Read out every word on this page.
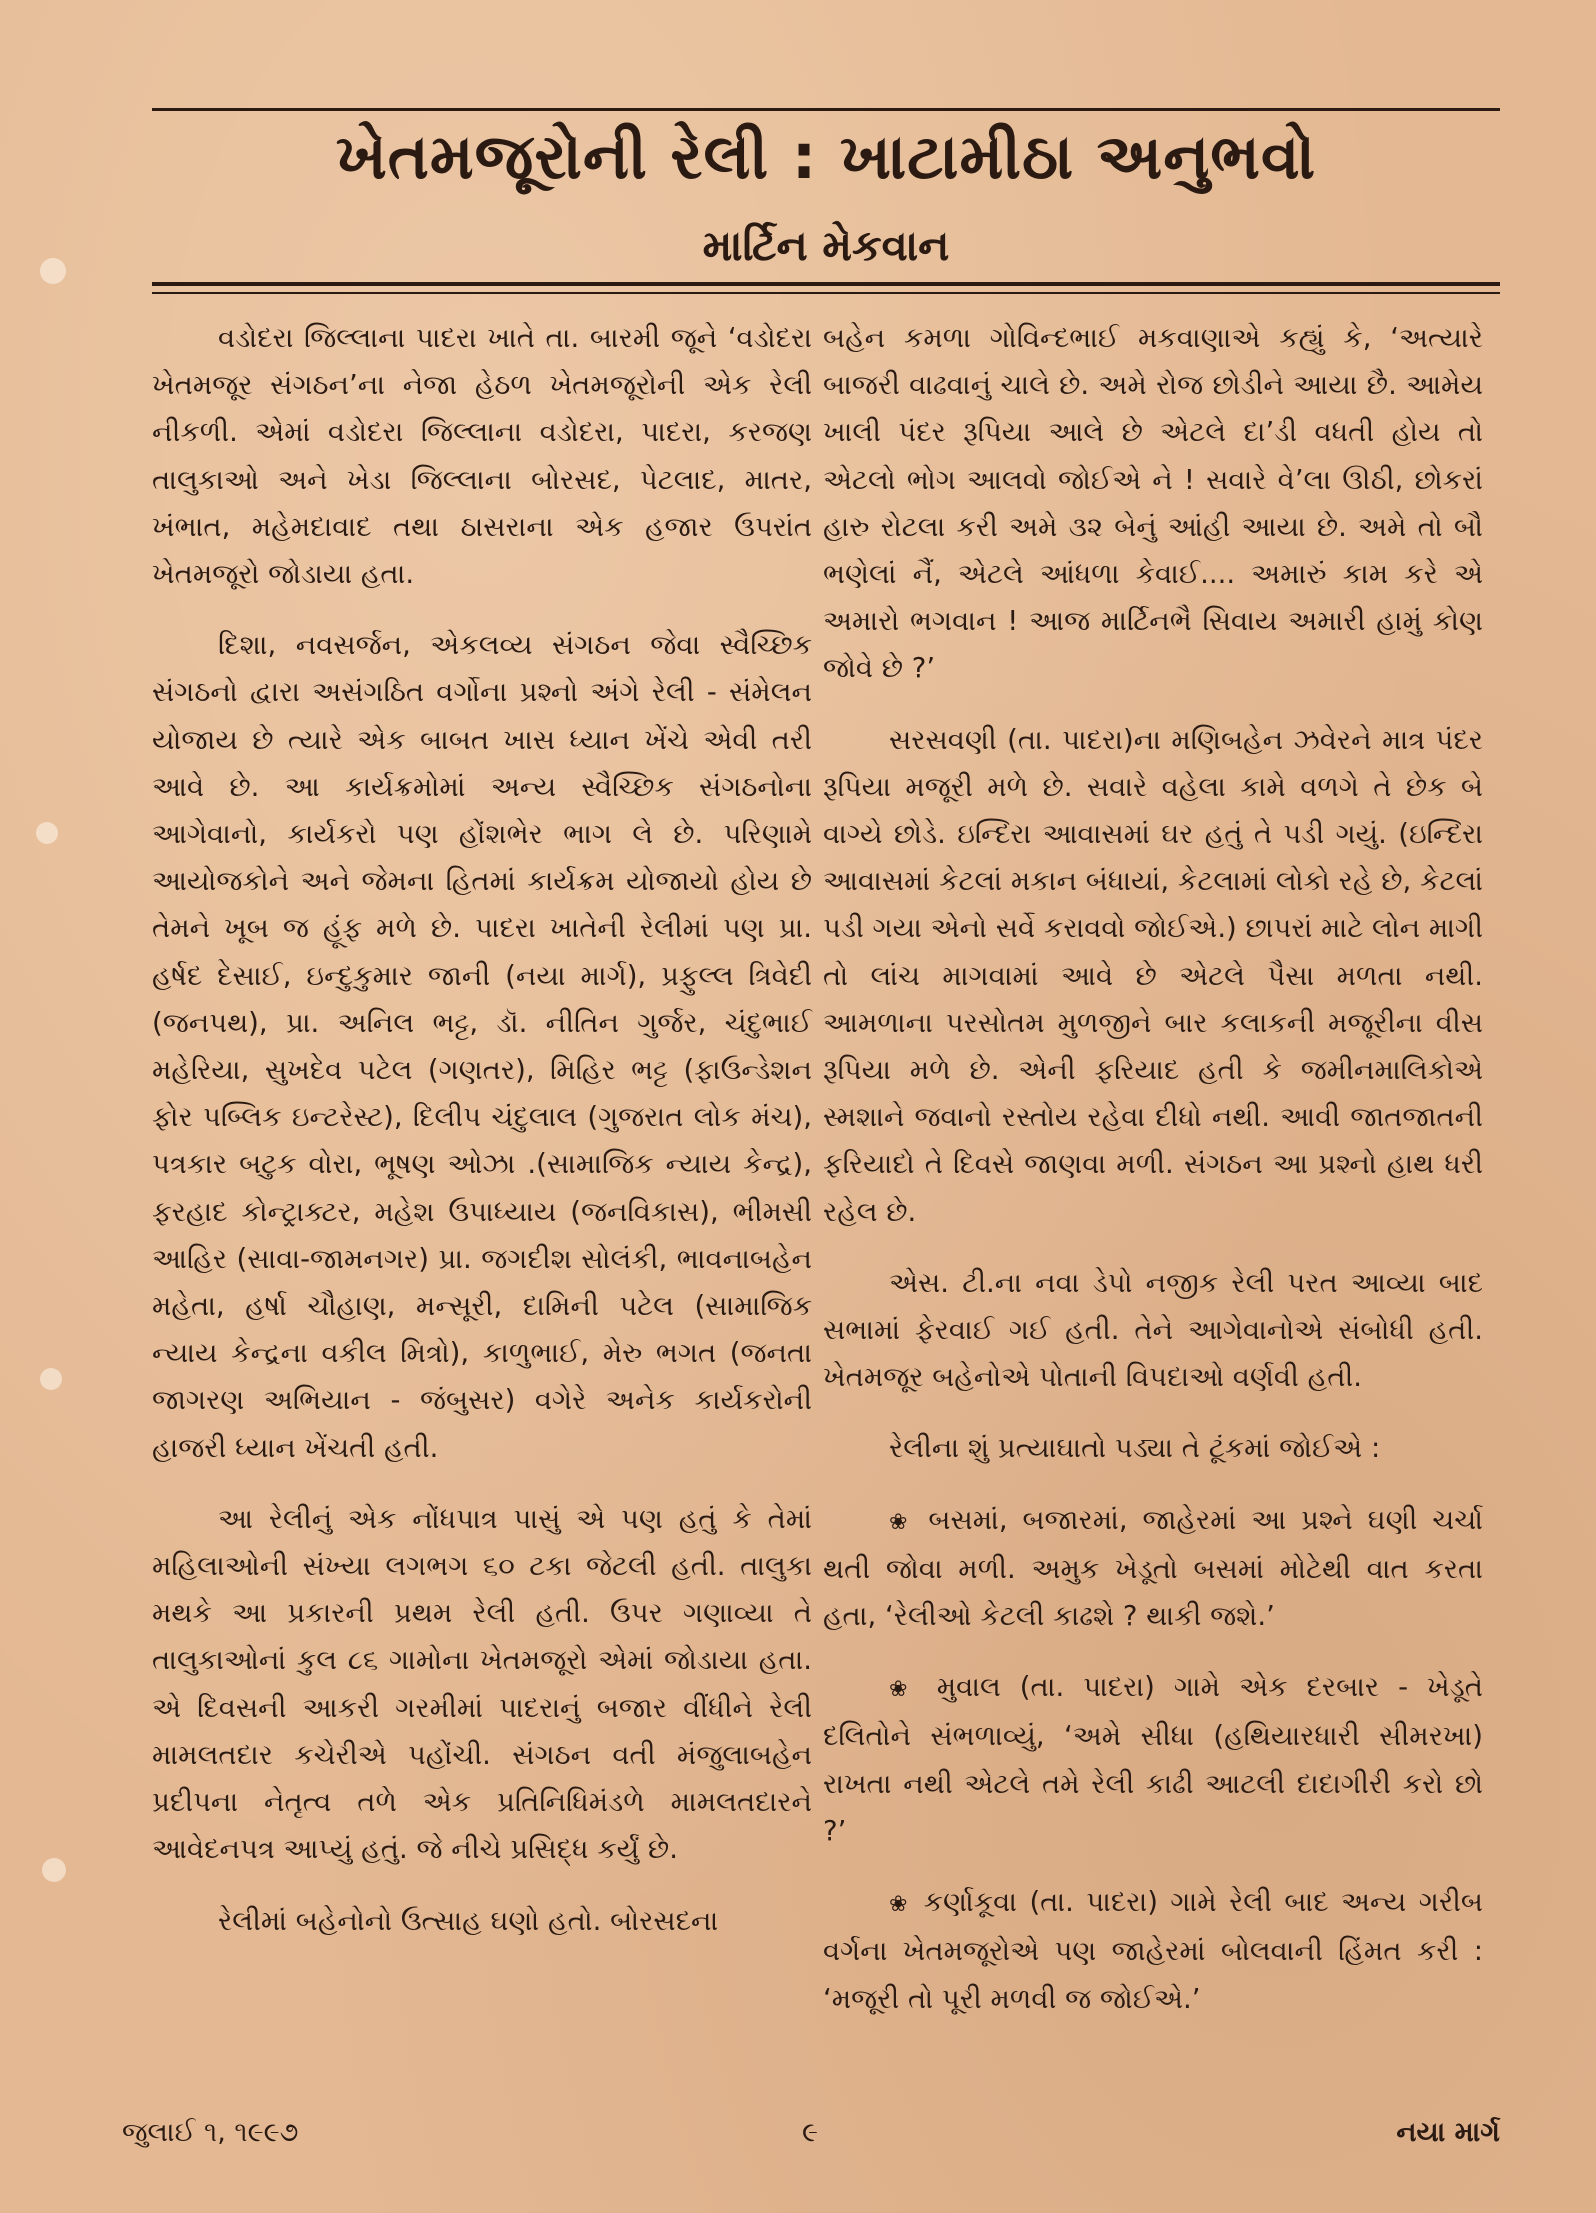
ખેતમજૂરોની રેલી : ખાટામીઠા અનુભવો
માર્ટિન મેકવાન

વડોદરા જિલ્લાના પાદરા ખાતે તા. બારમી જૂને ‘વડોદરા ખેતમજૂર સંગઠન’ના નેજા હેઠળ ખેતમજૂરોની એક રેલી નીકળી. એમાં વડોદરા જિલ્લાના વડોદરા, પાદરા, કરજણ તાલુકાઓ અને ખેડા જિલ્લાના બોરસદ, પેટલાદ, માતર, ખંભાત, મહેમદાવાદ તથા ઠાસરાના એક હજાર ઉપરાંત ખેતમજૂરો જોડાયા હતા.

દિશા, નવસર્જન, એકલવ્ય સંગઠન જેવા સ્વૈચ્છિક સંગઠનો દ્વારા અસંગઠિત વર્ગોના પ્રશ્નો અંગે રેલી - સંમેલન યોજાય છે ત્યારે એક બાબત ખાસ ધ્યાન ખેંચે એવી તરી આવે છે. આ કાર્યક્રમોમાં અન્ય સ્વૈચ્છિક સંગઠનોના આગેવાનો, કાર્યકરો પણ હોંશભેર ભાગ લે છે. પરિણામે આયોજકોને અને જેમના હિતમાં કાર્યક્રમ યોજાયો હોય છે તેમને ખૂબ જ હૂંફ મળે છે. પાદરા ખાતેની રેલીમાં પણ પ્રા. હર્ષદ દેસાઈ, ઇન્દુકુમાર જાની (નયા માર્ગ), પ્રફુલ્લ ત્રિવેદી (જનપથ), પ્રા. અનિલ ભટ્ટ, ડૉ. નીતિન ગુર્જર, ચંદુભાઈ મહેરિયા, સુખદેવ પટેલ (ગણતર), મિહિર ભટ્ટ (ફાઉન્ડેશન ફોર પબ્લિક ઇન્ટરેસ્ટ), દિલીપ ચંદુલાલ (ગુજરાત લોક મંચ), પત્રકાર બટુક વોરા, ભૂષણ ઓઝા .(સામાજિક ન્યાય કેન્દ્ર), ફરહાદ કોન્ટ્રાક્ટર, મહેશ ઉપાધ્યાય (જનવિકાસ), ભીમસી આહિર (સાવા-જામનગર) પ્રા. જગદીશ સોલંકી, ભાવનાબહેન મહેતા, હર્ષા ચૌહાણ, મન્સૂરી, દામિની પટેલ (સામાજિક ન્યાય કેન્દ્રના વકીલ મિત્રો), કાળુભાઈ, મેરુ ભગત (જનતા જાગરણ અભિયાન - જંબુસર) વગેરે અનેક કાર્યકરોની હાજરી ધ્યાન ખેંચતી હતી.

આ રેલીનું એક નોંધપાત્ર પાસું એ પણ હતું કે તેમાં મહિલાઓની સંખ્યા લગભગ ૬૦ ટકા જેટલી હતી. તાલુકા મથકે આ પ્રકારની પ્રથમ રેલી હતી. ઉપર ગણાવ્યા તે તાલુકાઓનાં કુલ ૮૬ ગામોના ખેતમજૂરો એમાં જોડાયા હતા. એ દિવસની આકરી ગરમીમાં પાદરાનું બજાર વીંધીને રેલી મામલતદાર કચેરીએ પહોંચી. સંગઠન વતી મંજુલાબહેન પ્રદીપના નેતૃત્વ તળે એક પ્રતિનિધિમંડળે મામલતદારને આવેદનપત્ર આપ્યું હતું. જે નીચે પ્રસિદ્ધ કર્યું છે.

રેલીમાં બહેનોનો ઉત્સાહ ઘણો હતો. બોરસદના

બહેન કમળા ગોવિન્દભાઈ મકવાણાએ કહ્યું કે, ‘અત્યારે બાજરી વાઢવાનું ચાલે છે. અમે રોજ છોડીને આયા છૈ. આમેય ખાલી પંદર રૂપિયા આલે છે એટલે દા’ડી વધતી હોય તો એટલો ભોગ આલવો જોઈએ ને ! સવારે વે’લા ઊઠી, છોકરાં હારુ રોટલા કરી અમે ૩૨ બેનું આંહી આયા છે. અમે તો બૌ ભણેલાં નૈં, એટલે આંધળા કેવાઈ.... અમારું કામ કરે એ અમારો ભગવાન ! આજ માર્ટિનભૈ સિવાય અમારી હામું કોણ જોવે છે ?’

સરસવણી (તા. પાદરા)ના મણિબહેન ઝવેરને માત્ર પંદર રૂપિયા મજૂરી મળે છે. સવારે વહેલા કામે વળગે તે છેક બે વાગ્યે છોડે. ઇન્દિરા આવાસમાં ઘર હતું તે પડી ગયું. (ઇન્દિરા આવાસમાં કેટલાં મકાન બંધાયાં, કેટલામાં લોકો રહે છે, કેટલાં પડી ગયા એનો સર્વે કરાવવો જોઈએ.) છાપરાં માટે લોન માગી તો લાંચ માગવામાં આવે છે એટલે પૈસા મળતા નથી. આમળાના પરસોતમ મુળજીને બાર કલાકની મજૂરીના વીસ રૂપિયા મળે છે. એની ફરિયાદ હતી કે જમીનમાલિકોએ સ્મશાને જવાનો રસ્તોય રહેવા દીધો નથી. આવી જાતજાતની ફરિયાદો તે દિવસે જાણવા મળી. સંગઠન આ પ્રશ્નો હાથ ધરી રહેલ છે.

એસ. ટી.ના નવા ડેપો નજીક રેલી પરત આવ્યા બાદ સભામાં ફેરવાઈ ગઈ હતી. તેને આગેવાનોએ સંબોધી હતી. ખેતમજૂર બહેનોએ પોતાની વિપદાઓ વર્ણવી હતી.

રેલીના શું પ્રત્યાઘાતો પડ્યા તે ટૂંકમાં જોઈએ :

❀ બસમાં, બજારમાં, જાહેરમાં આ પ્રશ્ને ઘણી ચર્ચા થતી જોવા મળી. અમુક ખેડૂતો બસમાં મોટેથી વાત કરતા હતા, ‘રેલીઓ કેટલી કાઢશે ? થાકી જશે.’

❀ મુવાલ (તા. પાદરા) ગામે એક દરબાર - ખેડૂતે દલિતોને સંભળાવ્યું, ‘અમે સીધા (હથિયારધારી સીમરખા) રાખતા નથી એટલે તમે રેલી કાઢી આટલી દાદાગીરી કરો છો ?’

❀ કર્ણાકૂવા (તા. પાદરા) ગામે રેલી બાદ અન્ય ગરીબ વર્ગના ખેતમજૂરોએ પણ જાહેરમાં બોલવાની હિંમત કરી : ‘મજૂરી તો પૂરી મળવી જ જોઈએ.’

જુલાઈ ૧, ૧૯૯૭	૯	નયા માર્ગ
